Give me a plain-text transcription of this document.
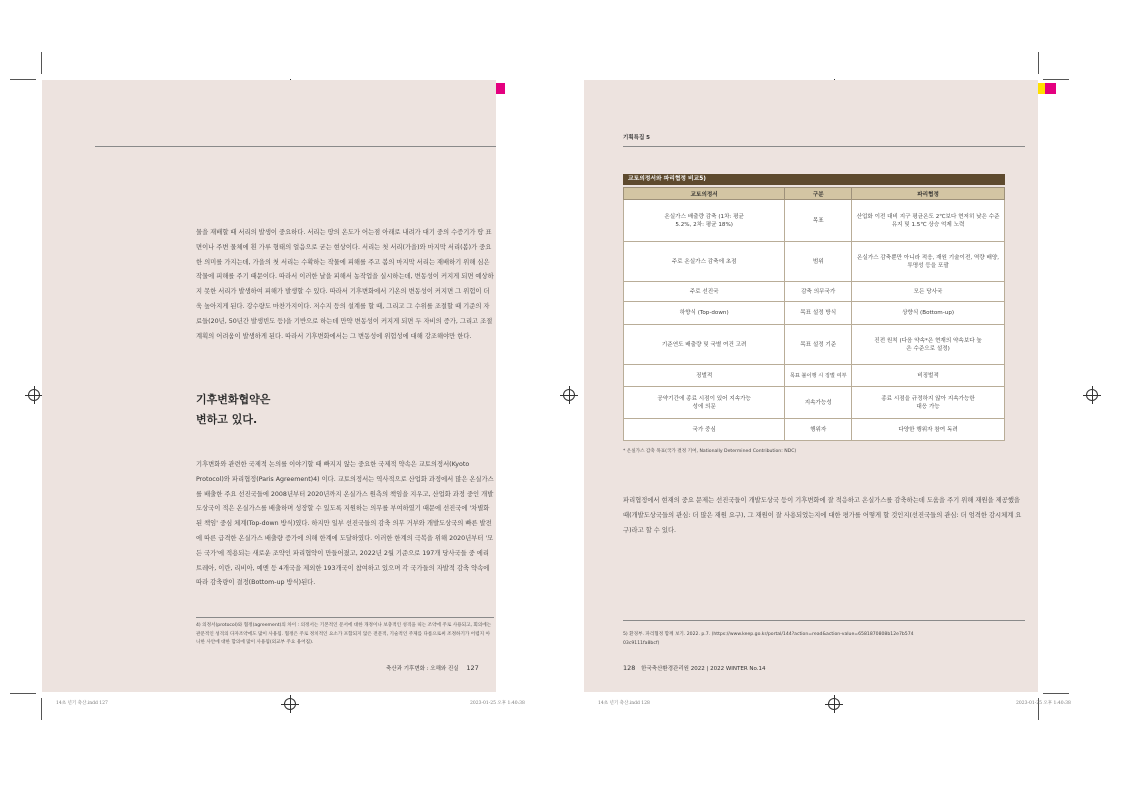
물을 재배할 때 서리의 발생이 중요하다. 서리는 땅의 온도가 어는점 아래로 내려가 대기 중의 수증기가 땅 표면이나 주변 물체에 흰 가루 형태의 얼음으로 굳는 현상이다. 서리는 첫 서리(가을)와 마지막 서리(봄)가 중요한 의미를 가지는데, 가을의 첫 서리는 수확하는 작물에 피해를 주고 봄의 마지막 서리는 재배하기 위해 심은 작물에 피해를 주기 때문이다. 따라서 이러한 날을 피해서 농작업을 실시하는데, 변동성이 커지게 되면 예상하지 못한 서리가 발생하여 피해가 발생할 수 있다. 따라서 기후변화에서 기온의 변동성이 커지면 그 위험이 더욱 높아지게 된다. 강수량도 마찬가지이다. 저수지 등의 설계를 할 때, 그리고 그 수위를 조절할 때 기준의 자료들(20년, 50년간 발생빈도 등)을 기반으로 하는데 만약 변동성이 커지게 되면 두 자비의 증가, 그리고 조절 계획의 어려움이 발생하게 된다. 따라서 기후변화에서는 그 변동성에 위험성에 대해 강조해야만 한다.

기후변화협약은
변하고 있다.

기후변화와 관련한 국제적 논의를 이야기할 때 빠지지 않는 중요한 국제적 약속은 교토의정서(Kyoto Protocol)와 파리협정(Paris Agreement)4) 이다. 교토의정서는 역사적으로 산업화 과정에서 많은 온실가스를 배출한 주요 선진국들에 2008년부터 2020년까지 온실가스 원측의 책임을 지우고, 산업화 과정 중인 개발도상국이 적은 온실가스를 배출하며 성장할 수 있도록 지원하는 의무를 부여하였기 때문에 선진국에 '차별화된 책임' 중심 체계(Top-down 방식)였다. 하지만 일부 선진국들의 감축 의무 거부와 개발도상국의 빠른 발전에 따른 급격한 온실가스 배출량 증가에 의해 한계에 도달하였다. 이러한 한계의 극복을 위해 2020년부터 '모든 국가'에 적용되는 새로운 조약인 파리협약이 만들어졌고, 2022년 2월 기준으로 197개 당사국들 중 에리트레아, 이란, 리비아, 예멘 등 4개국을 제외한 193개국이 참여하고 있으며 각 국가들의 자발적 감축 약속에 따라 감축량이 결정(Bottom-up 방식)된다.

4) 의정서(protocol)와 협정(agreement)의 차이 : 의정서는 기본적인 문서에 대한 개정이나 보충적인 성격을 띠는 조약에 주로 사용되고, 회의에는 관문적인 성격의 다자조약에도 많이 사용됨. 협정은 주로 정치적인 요소가 포함되지 않은 전문적, 기술적인 주제를 다룸으로써 조정하기가 어렵지 아니한 사안에 대한 합의에 많이 사용됨(외교부 주요 용어집).

축산과 기후변화 : 오해와 진실 127
14초 년기 축산.indd 127	2023-01-25 오후 1:40:38
기획특집 5
교토의정서와 파리협정 비교5)
교토의정서	구분	파리협정
온실가스 배출량 감축 (1차: 평균 5.2%, 2차: 평균 18%)	목표	산업화 이전 대비 지구 평균온도 2℃보다 현저히 낮은 수준 유지 및 1.5℃ 상승 억제 노력
주로 온실가스 감축에 초점	범위	온실가스 감축뿐만 아니라 적응, 재원 기술이전, 역량 배양, 투명성 등을 포괄
주로 선진국	감축 의무국가	모든 당사국
하향식 (Top-down)	목표 설정 방식	상향식 (Bottom-up)
기준연도 배출량 및 국별 여건 고려	목표 설정 기준	진전 원칙 (다음 약속*은 현재의 약속보다 높은 수준으로 설정)
징벌적	목표 불이행 시 징벌 여부	비징벌적
공약기간에 종료 시점이 있어 지속가능성에 의문	지속가능성	종료 시점을 규정하지 않아 지속가능한 대응 가능
국가 중심	행위자	다양한 행위자 참여 독려
* 온실가스 감축 목표(국가 결정 기여, Nationally Determined Contribution: NDC)

파리협정에서 현재의 중요 문제는 선진국들이 개발도상국 등이 기후변화에 잘 적응하고 온실가스를 감축하는데 도움을 주기 위해 재원을 제공했을 때(개발도상국들의 관심: 더 많은 재원 요구), 그 재원이 잘 사용되었는지에 대한 평가를 어떻게 할 것인지(선진국들의 관심: 더 엄격한 감시체계 요구)라고 할 수 있다.

5) 환경부. 파리협정 함께 보기. 2022. p.7. (https://www.keep.go.kr/portal/144?action=read&action-value=6581870808b12e7b574 03c9111fa8bcf)

128 한국축산환경관리원 2022 | 2022 WINTER No.14
14초 년기 축산.indd 128	2023-01-25 오후 1:40:38
